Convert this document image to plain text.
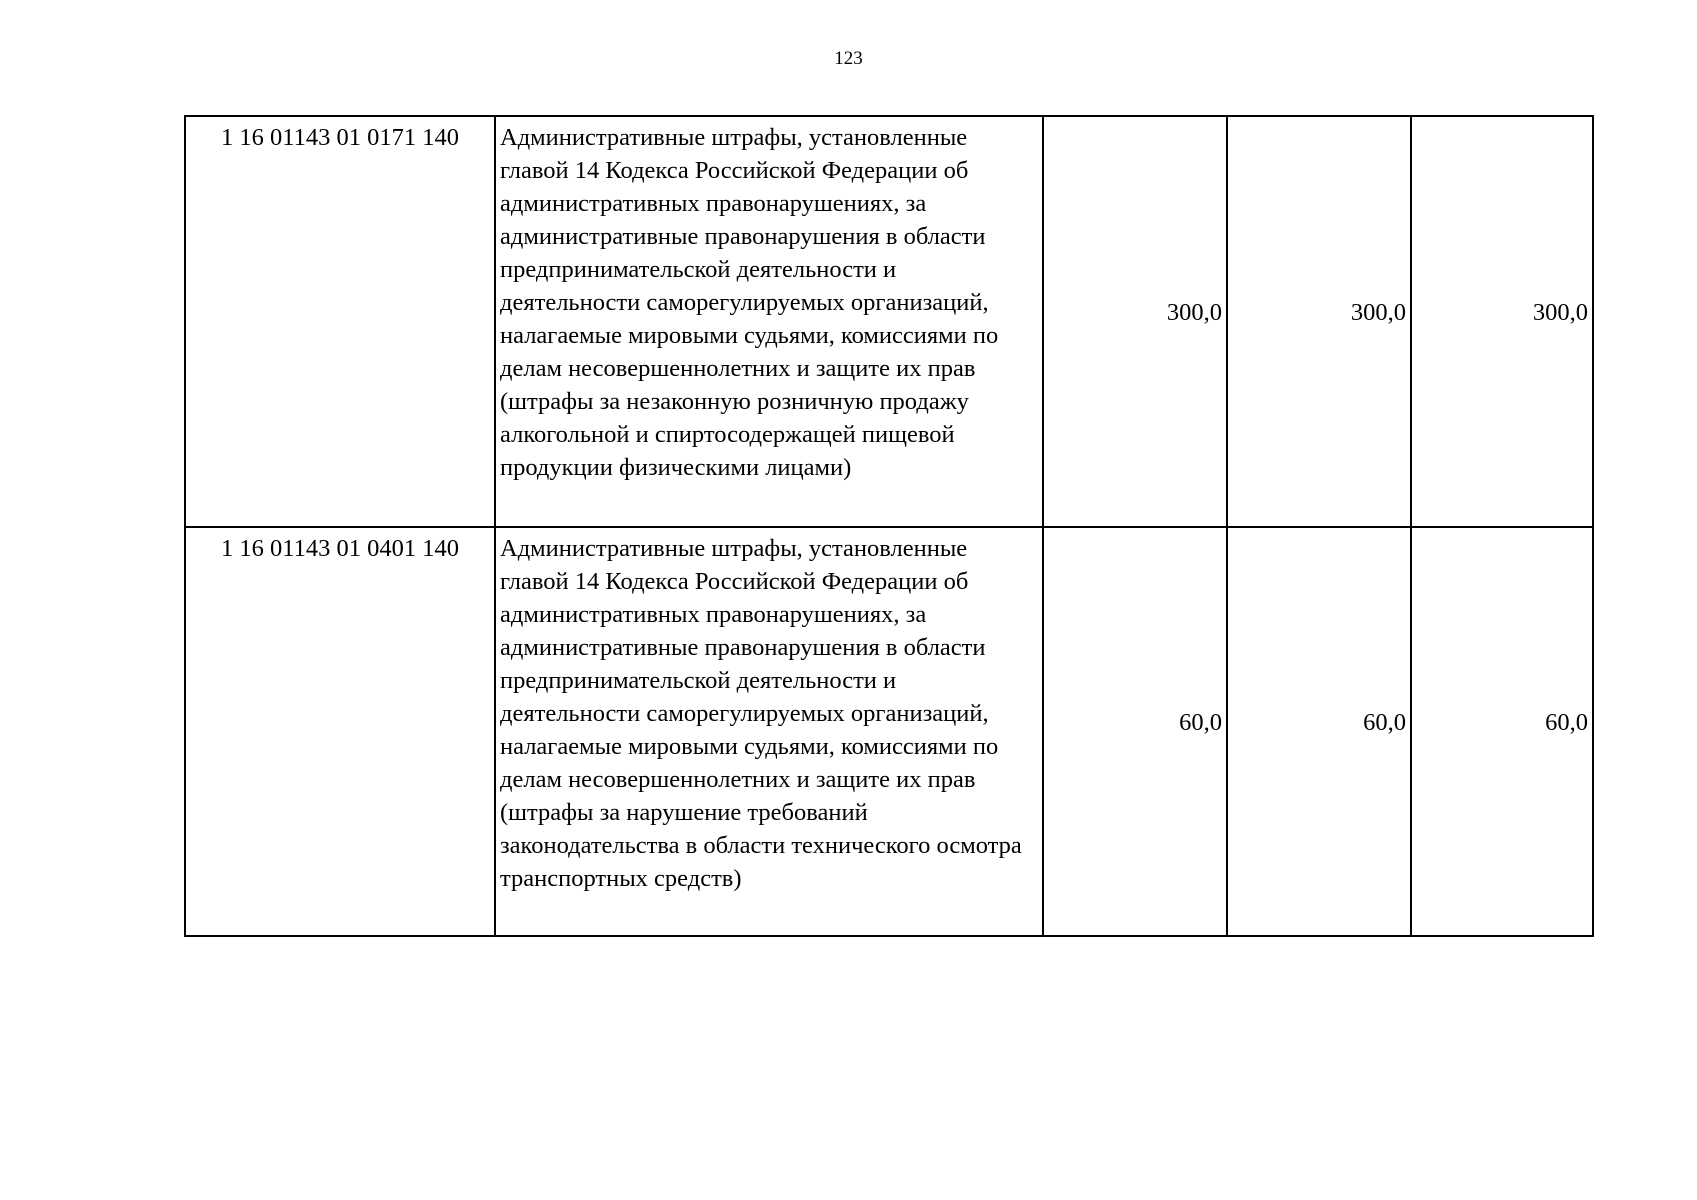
123
1 16 01143 01 0171 140	Административные штрафы, установленные главой 14 Кодекса Российской Федерации об административных правонарушениях, за административные правонарушения в области предпринимательской деятельности и деятельности саморегулируемых организаций, налагаемые мировыми судьями, комиссиями по делам несовершеннолетних и защите их прав (штрафы за незаконную розничную продажу алкогольной и спиртосодержащей пищевой продукции физическими лицами)	300,0	300,0	300,0
1 16 01143 01 0401 140	Административные штрафы, установленные главой 14 Кодекса Российской Федерации об административных правонарушениях, за административные правонарушения в области предпринимательской деятельности и деятельности саморегулируемых организаций, налагаемые мировыми судьями, комиссиями по делам несовершеннолетних и защите их прав (штрафы за нарушение требований законодательства в области технического осмотра транспортных средств)	60,0	60,0	60,0
